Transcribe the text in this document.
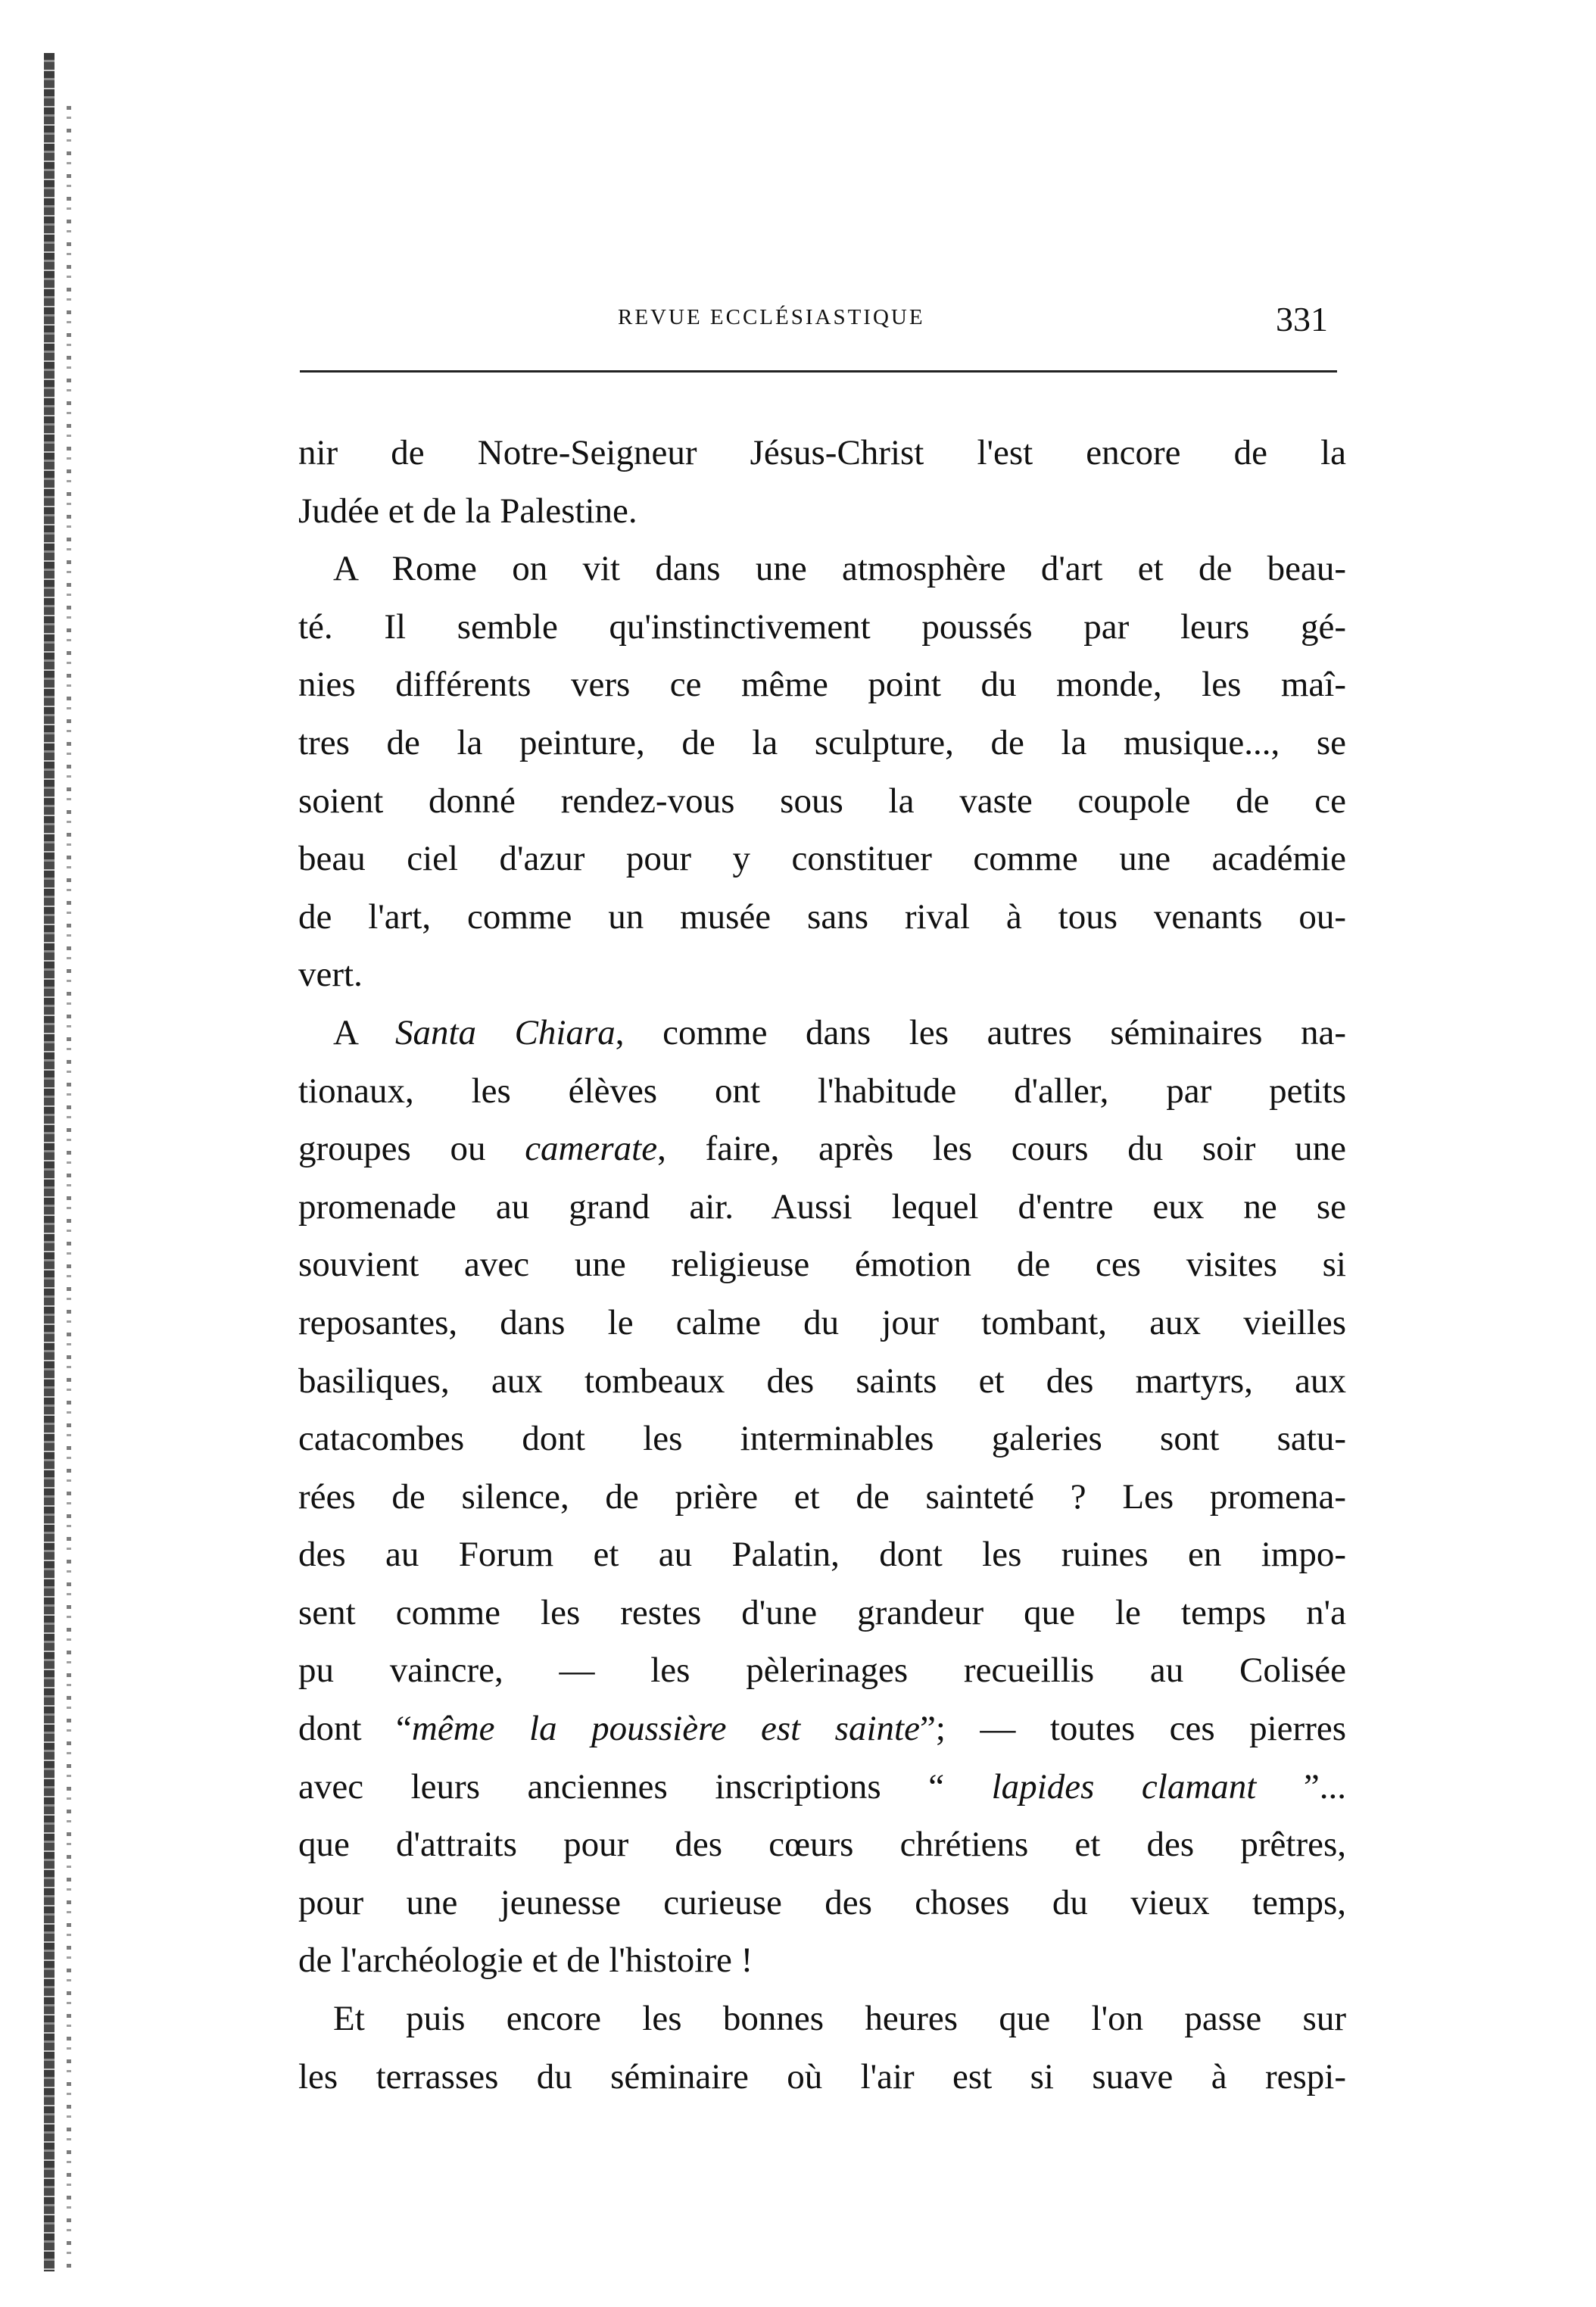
REVUE ECCLÉSIASTIQUE	331
nir de Notre-Seigneur Jésus-Christ l'est encore de la
Judée et de la Palestine.
A Rome on vit dans une atmosphère d'art et de beau-
té. Il semble qu'instinctivement poussés par leurs gé-
nies différents vers ce même point du monde, les maî-
tres de la peinture, de la sculpture, de la musique..., se
soient donné rendez-vous sous la vaste coupole de ce
beau ciel d'azur pour y constituer comme une académie
de l'art, comme un musée sans rival à tous venants ou-
vert.
A Santa Chiara, comme dans les autres séminaires na-
tionaux, les élèves ont l'habitude d'aller, par petits
groupes ou camerate, faire, après les cours du soir une
promenade au grand air. Aussi lequel d'entre eux ne se
souvient avec une religieuse émotion de ces visites si
reposantes, dans le calme du jour tombant, aux vieilles
basiliques, aux tombeaux des saints et des martyrs, aux
catacombes dont les interminables galeries sont satu-
rées de silence, de prière et de sainteté ? Les promena-
des au Forum et au Palatin, dont les ruines en impo-
sent comme les restes d'une grandeur que le temps n'a
pu vaincre, — les pèlerinages recueillis au Colisée
dont “même la poussière est sainte”; — toutes ces pierres
avec leurs anciennes inscriptions “ lapides clamant ”...
que d'attraits pour des cœurs chrétiens et des prêtres,
pour une jeunesse curieuse des choses du vieux temps,
de l'archéologie et de l'histoire !
Et puis encore les bonnes heures que l'on passe sur
les terrasses du séminaire où l'air est si suave à respi-
